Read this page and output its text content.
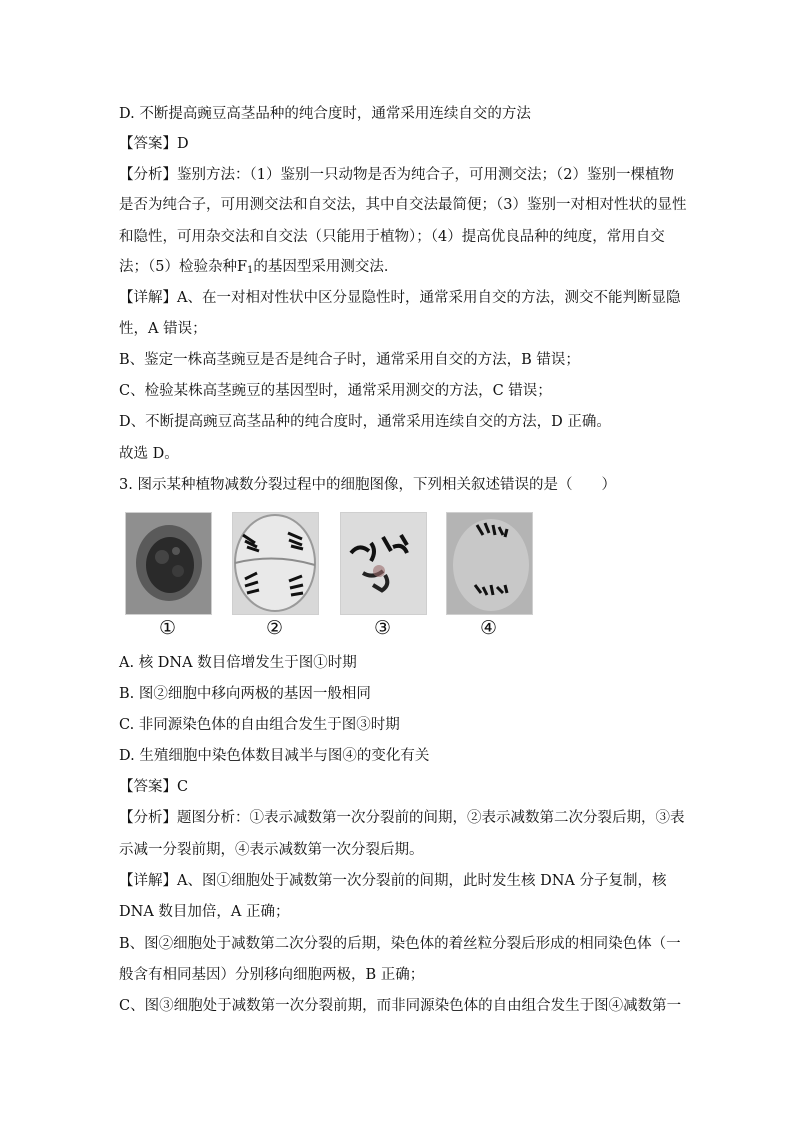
D. 不断提高豌豆高茎品种的纯合度时，通常采用连续自交的方法
【答案】D
【分析】鉴别方法：（1）鉴别一只动物是否为纯合子，可用测交法；（2）鉴别一棵植物
是否为纯合子，可用测交法和自交法，其中自交法最简便；（3）鉴别一对相对性状的显性
和隐性，可用杂交法和自交法（只能用于植物）；（4）提高优良品种的纯度，常用自交
法；（5）检验杂种$F_1$的基因型采用测交法．
【详解】A、在一对相对性状中区分显隐性时，通常采用自交的方法，测交不能判断显隐
性，A 错误；
B、鉴定一株高茎豌豆是否是纯合子时，通常采用自交的方法，B 错误；
C、检验某株高茎豌豆的基因型时，通常采用测交的方法，C 错误；
D、不断提高豌豆高茎品种的纯合度时，通常采用连续自交的方法，D 正确。
故选 D。
3. 图示某种植物减数分裂过程中的细胞图像，下列相关叙述错误的是（　　）
①	②	③	④
A. 核 DNA 数目倍增发生于图①时期
B. 图②细胞中移向两极的基因一般相同
C. 非同源染色体的自由组合发生于图③时期
D. 生殖细胞中染色体数目减半与图④的变化有关
【答案】C
【分析】题图分析：①表示减数第一次分裂前的间期，②表示减数第二次分裂后期，③表
示减一分裂前期，④表示减数第一次分裂后期。
【详解】A、图①细胞处于减数第一次分裂前的间期，此时发生核 DNA 分子复制，核
DNA 数目加倍，A 正确；
B、图②细胞处于减数第二次分裂的后期，染色体的着丝粒分裂后形成的相同染色体（一
般含有相同基因）分别移向细胞两极，B 正确；
C、图③细胞处于减数第一次分裂前期，而非同源染色体的自由组合发生于图④减数第一
